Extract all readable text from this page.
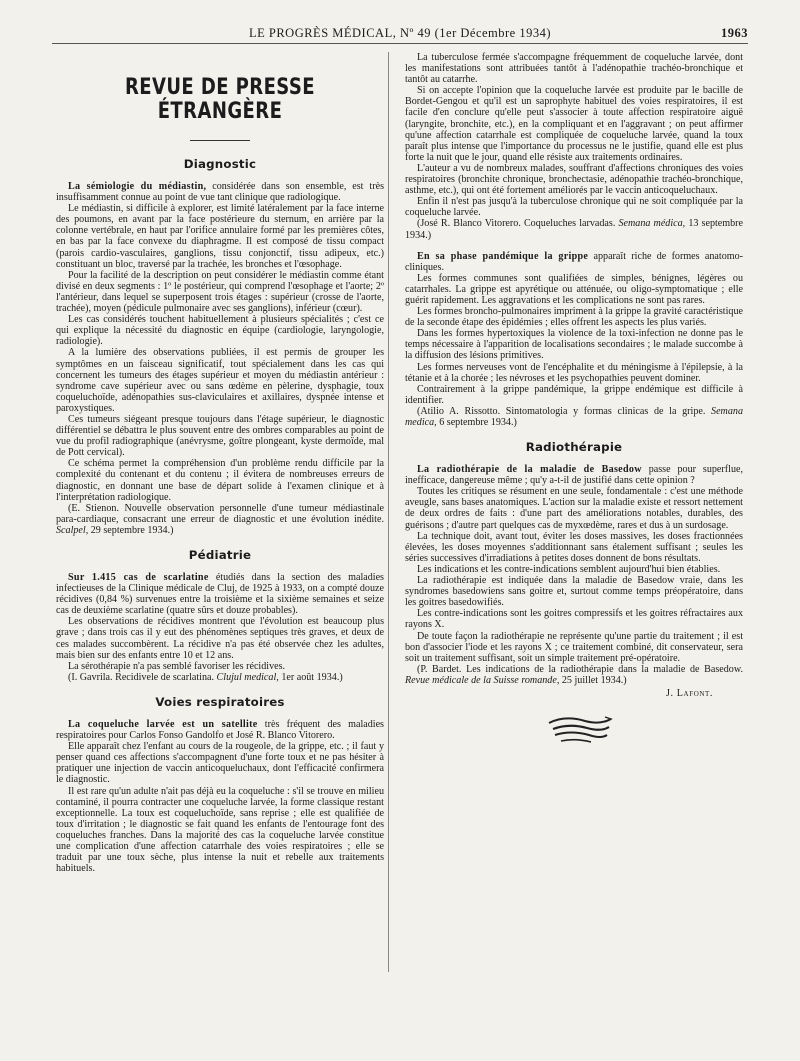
LE PROGRÈS MÉDICAL, Nº 49 (1er Décembre 1934)	1963
REVUE DE PRESSE ÉTRANGÈRE
Diagnostic

La sémiologie du médiastin, considérée dans son ensemble, est très insuffisamment connue au point de vue tant clinique que radiologique.

Le médiastin, si difficile à explorer, est limité latéralement par la face interne des poumons, en avant par la face postérieure du sternum, en arrière par la colonne vertébrale, en haut par l'orifice annulaire formé par les premières côtes, en bas par la face convexe du diaphragme. Il est composé de tissu compact (parois cardio-vasculaires, ganglions, tissu conjonctif, tissu adipeux, etc.) constituant un bloc, traversé par la trachée, les bronches et l'œsophage.

Pour la facilité de la description on peut considérer le médiastin comme étant divisé en deux segments : 1º le postérieur, qui comprend l'œsophage et l'aorte; 2º l'antérieur, dans lequel se superposent trois étages : supérieur (crosse de l'aorte, trachée), moyen (pédicule pulmonaire avec ses ganglions), inférieur (cœur).

Les cas considérés touchent habituellement à plusieurs spécialités ; c'est ce qui explique la nécessité du diagnostic en équipe (cardiologie, laryngologie, radiologie).

A la lumière des observations publiées, il est permis de grouper les symptômes en un faisceau significatif, tout spécialement dans les cas qui concernent les tumeurs des étages supérieur et moyen du médiastin antérieur : syndrome cave supérieur avec ou sans œdème en pèlerine, dysphagie, toux coqueluchoïde, adénopathies sus-claviculaires et axillaires, dyspnée intense et paroxystiques.

Ces tumeurs siégeant presque toujours dans l'étage supérieur, le diagnostic différentiel se débattra le plus souvent entre des ombres comparables au point de vue du profil radiographique (anévrysme, goître plongeant, kyste dermoïde, mal de Pott cervical).

Ce schéma permet la compréhension d'un problème rendu difficile par la complexité du contenant et du contenu ; il évitera de nombreuses erreurs de diagnostic, en donnant une base de départ solide à l'examen clinique et à l'interprétation radiologique.

(E. Stienon. Nouvelle observation personnelle d'une tumeur médiastinale para-cardiaque, consacrant une erreur de diagnostic et une évolution inédite. Scalpel, 29 septembre 1934.)

Pédiatrie

Sur 1.415 cas de scarlatine étudiés dans la section des maladies infectieuses de la Clinique médicale de Cluj, de 1925 à 1933, on a compté douze récidives (0,84 %) survenues entre la troisième et la sixième semaines et seize cas de deuxième scarlatine (quatre sûrs et douze probables).

Les observations de récidives montrent que l'évolution est beaucoup plus grave ; dans trois cas il y eut des phénomènes septiques très graves, et deux de ces malades succombèrent. La récidive n'a pas été observée chez les adultes, mais bien sur des enfants entre 10 et 12 ans.

La sérothérapie n'a pas semblé favoriser les récidives.

(I. Gavrila. Recidivele de scarlatina. Clujul medical, 1er août 1934.)

Voies respiratoires

La coqueluche larvée est un satellite très fréquent des maladies respiratoires pour Carlos Fonso Gandolfo et José R. Blanco Vitorero.

Elle apparaît chez l'enfant au cours de la rougeole, de la grippe, etc. ; il faut y penser quand ces affections s'accompagnent d'une forte toux et ne pas hésiter à pratiquer une injection de vaccin anticoqueluchaux, dont l'efficacité confirmera le diagnostic.

Il est rare qu'un adulte n'ait pas déjà eu la coqueluche : s'il se trouve en milieu contaminé, il pourra contracter une coqueluche larvée, la forme classique restant exceptionnelle. La toux est coqueluchoïde, sans reprise ; elle est qualifiée de toux d'irritation ; le diagnostic se fait quand les enfants de l'entourage font des coqueluches franches. Dans la majorité des cas la coqueluche larvée constitue une complication d'une affection catarrhale des voies respiratoires ; elle se traduit par une toux sèche, plus intense la nuit et rebelle aux traitements habituels.

La tuberculose fermée s'accompagne fréquemment de coqueluche larvée, dont les manifestations sont attribuées tantôt à l'adénopathie trachéo-bronchique et tantôt au catarrhe.

Si on accepte l'opinion que la coqueluche larvée est produite par le bacille de Bordet-Gengou et qu'il est un saprophyte habituel des voies respiratoires, il est facile d'en conclure qu'elle peut s'associer à toute affection respiratoire aiguë (laryngite, bronchite, etc.), en la compliquant et en l'aggravant ; on peut affirmer qu'une affection catarrhale est compliquée de coqueluche larvée, quand la toux paraît plus intense que l'importance du processus ne le justifie, quand elle est plus forte la nuit que le jour, quand elle résiste aux traitements ordinaires.

L'auteur a vu de nombreux malades, souffrant d'affections chroniques des voies respiratoires (bronchite chronique, bronchectasie, adénopathie trachéo-bronchique, asthme, etc.), qui ont été fortement améliorés par le vaccin anticoqueluchaux.

Enfin il n'est pas jusqu'à la tuberculose chronique qui ne soit compliquée par la coqueluche larvée.

(José R. Blanco Vitorero. Coqueluches larvadas. Semana médica, 13 septembre 1934.)

En sa phase pandémique la grippe apparaît riche de formes anatomo-cliniques.

Les formes communes sont qualifiées de simples, bénignes, légères ou catarrhales. La grippe est apyrétique ou atténuée, ou oligo-symptomatique ; elle guérit rapidement. Les aggravations et les complications ne sont pas rares.

Les formes broncho-pulmonaires impriment à la grippe la gravité caractéristique de la seconde étape des épidémies ; elles offrent les aspects les plus variés.

Dans les formes hypertoxiques la violence de la toxi-infection ne donne pas le temps nécessaire à l'apparition de localisations secondaires ; le malade succombe à la diffusion des lésions primitives.

Les formes nerveuses vont de l'encéphalite et du méningisme à l'épilepsie, à la tétanie et à la chorée ; les névroses et les psychopathies peuvent dominer.

Contrairement à la grippe pandémique, la grippe endémique est difficile à identifier.

(Atilio A. Rissotto. Sintomatologia y formas clinicas de la gripe. Semana medica, 6 septembre 1934.)

Radiothérapie

La radiothérapie de la maladie de Basedow passe pour superflue, inefficace, dangereuse même ; qu'y a-t-il de justifié dans cette opinion ?

Toutes les critiques se résument en une seule, fondamentale : c'est une méthode aveugle, sans bases anatomiques. L'action sur la maladie existe et ressort nettement de deux ordres de faits : d'une part des améliorations notables, durables, des guérisons ; d'autre part quelques cas de myxœdème, rares et dus à un surdosage.

La technique doit, avant tout, éviter les doses massives, les doses fractionnées élevées, les doses moyennes s'additionnant sans étalement suffisant ; seules les séries successives d'irradiations à petites doses donnent de bons résultats.

Les indications et les contre-indications semblent aujourd'hui bien établies.

La radiothérapie est indiquée dans la maladie de Basedow vraie, dans les syndromes basedowiens sans goitre et, surtout comme temps préopératoire, dans les goitres basedowifiés.

Les contre-indications sont les goitres compressifs et les goitres réfractaires aux rayons X.

De toute façon la radiothérapie ne représente qu'une partie du traitement ; il est bon d'associer l'iode et les rayons X ; ce traitement combiné, dit conservateur, sera soit un traitement suffisant, soit un simple traitement pré-opératoire.

(P. Bardet. Les indications de la radiothérapie dans la maladie de Basedow. Revue médicale de la Suisse romande, 25 juillet 1934.)

J. Lafont.
